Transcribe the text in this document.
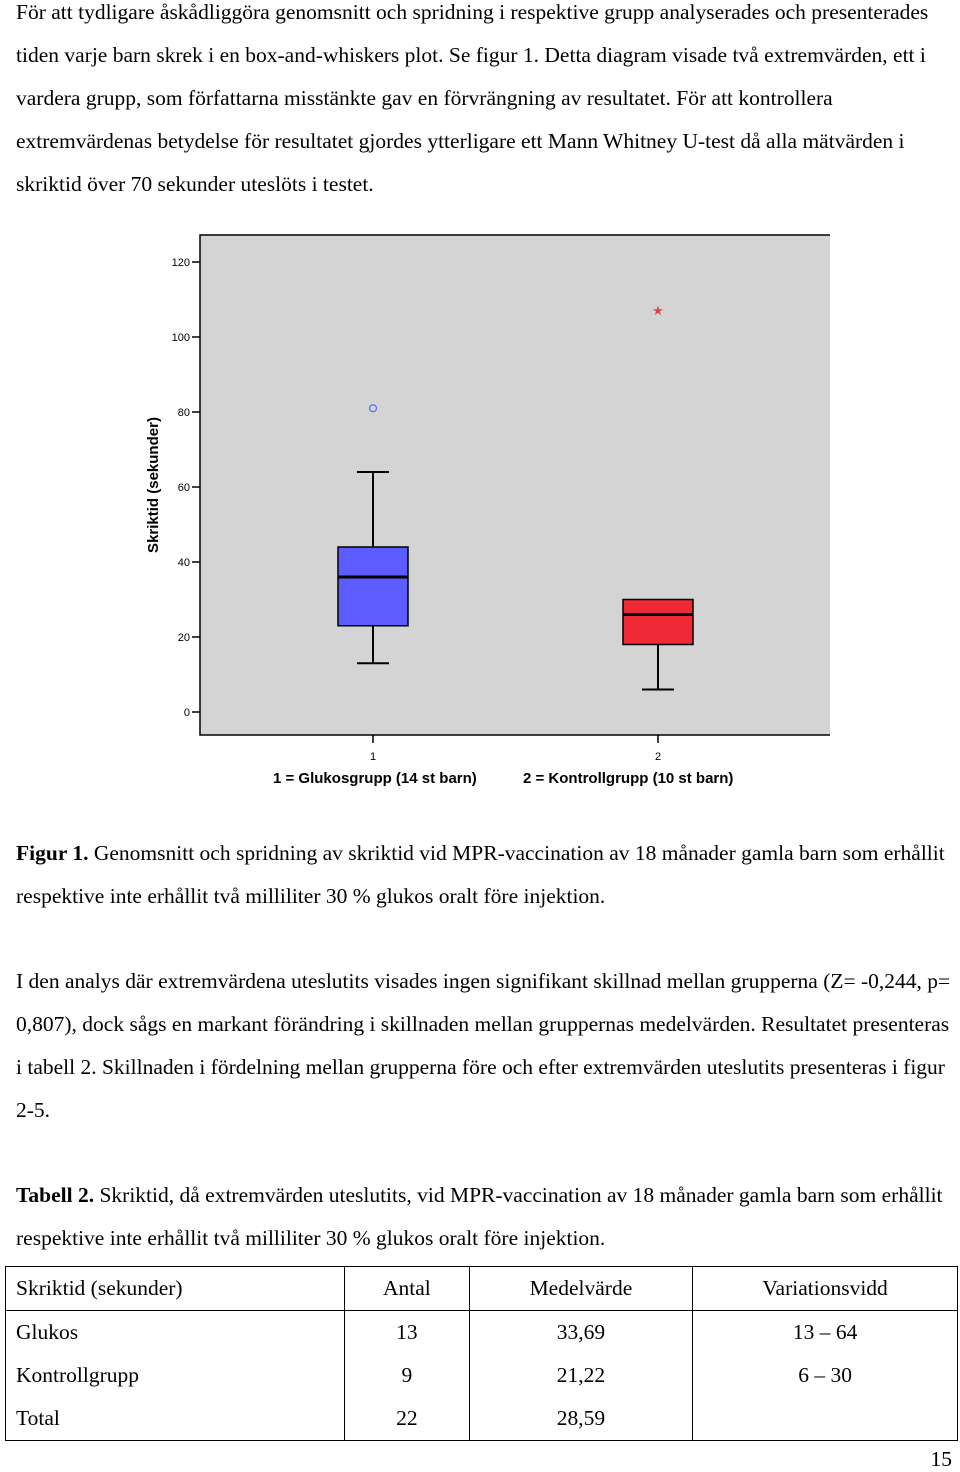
För att tydligare åskådliggöra genomsnitt och spridning i respektive grupp analyserades och presenterades tiden varje barn skrek i en box-and-whiskers plot. Se figur 1. Detta diagram visade två extremvärden, ett i vardera grupp, som författarna misstänkte gav en förvrängning av resultatet. För att kontrollera extremvärdenas betydelse för resultatet gjordes ytterligare ett Mann Whitney U-test då alla mätvärden i skriktid över 70 sekunder uteslöts i testet.

0
20
40
60
80
100
120
Skriktid (sekunder)
1	2
1 = Glukosgrupp (14 st barn)	2 = Kontrollgrupp (10 st barn)
★

Figur 1. Genomsnitt och spridning av skriktid vid MPR-vaccination av 18 månader gamla barn som erhållit respektive inte erhållit två milliliter 30 % glukos oralt före injektion.

I den analys där extremvärdena uteslutits visades ingen signifikant skillnad mellan grupperna (Z= -0,244, p= 0,807), dock sågs en markant förändring i skillnaden mellan gruppernas medelvärden. Resultatet presenteras i tabell 2. Skillnaden i fördelning mellan grupperna före och efter extremvärden uteslutits presenteras i figur 2-5.

Tabell 2. Skriktid, då extremvärden uteslutits, vid MPR-vaccination av 18 månader gamla barn som erhållit respektive inte erhållit två milliliter 30 % glukos oralt före injektion.

Skriktid (sekunder)	Antal	Medelvärde	Variationsvidd
Glukos	13	33,69	13 – 64
Kontrollgrupp	9	21,22	6 – 30
Total	22	28,59	
15
